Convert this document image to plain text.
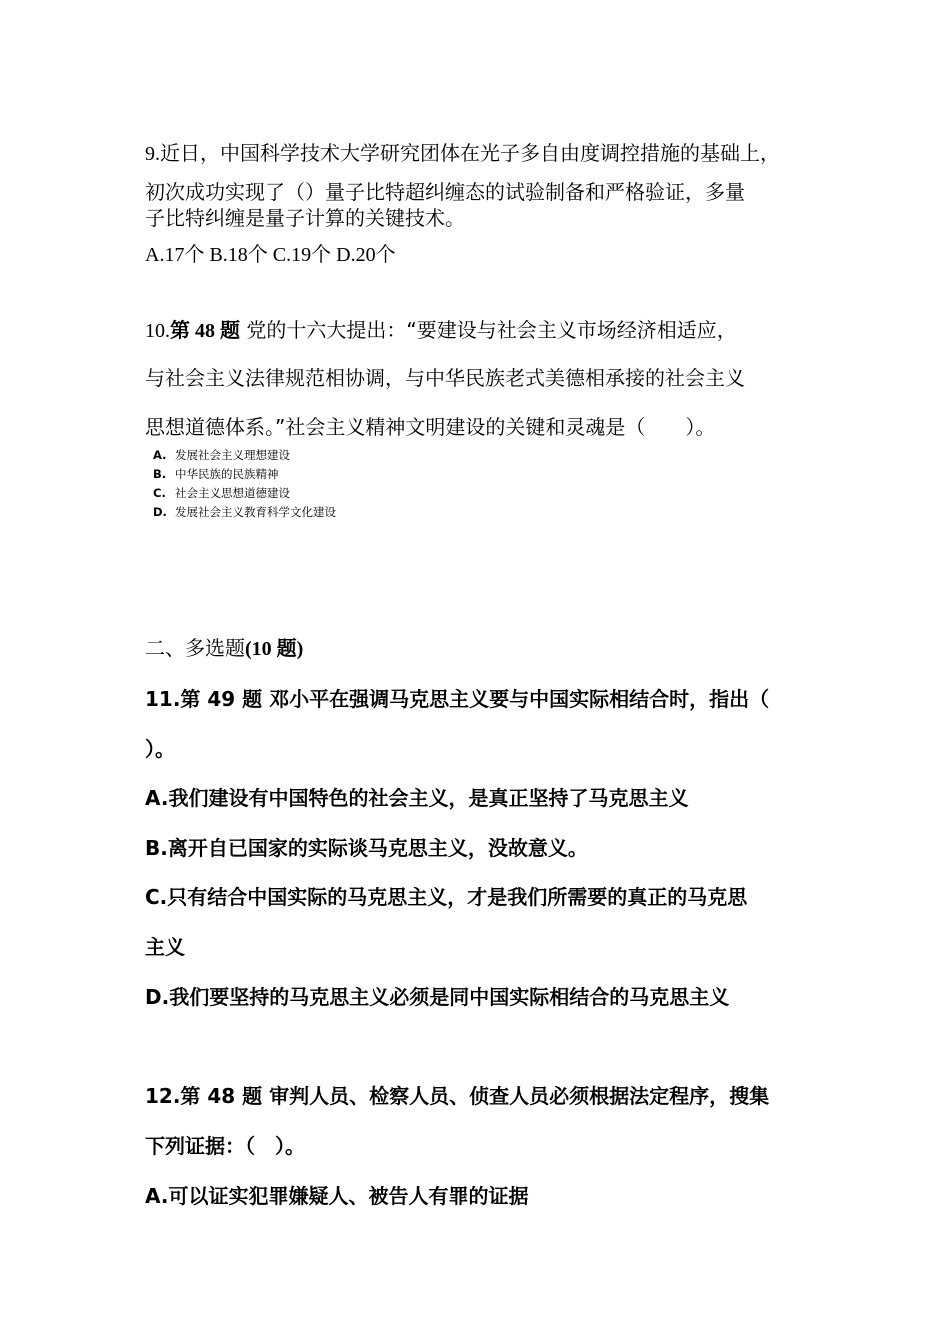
9.近日，中国科学技术大学研究团体在光子多自由度调控措施的基础上，
初次成功实现了（）量子比特超纠缠态的试验制备和严格验证，多量
子比特纠缠是量子计算的关键技术。
A.17个 B.18个 C.19个 D.20个
10.第 48 题 党的十六大提出：“要建设与社会主义市场经济相适应，
与社会主义法律规范相协调，与中华民族老式美德相承接的社会主义
思想道德体系。”社会主义精神文明建设的关键和灵魂是（　　）。
A. 发展社会主义理想建设
B. 中华民族的民族精神
C. 社会主义思想道德建设
D. 发展社会主义教育科学文化建设
二、多选题(10 题)
11.第 49 题 邓小平在强调马克思主义要与中国实际相结合时，指出（
）。
A.我们建设有中国特色的社会主义，是真正坚持了马克思主义
B.离开自已国家的实际谈马克思主义，没故意义。
C.只有结合中国实际的马克思主义，才是我们所需要的真正的马克思
主义
D.我们要坚持的马克思主义必须是同中国实际相结合的马克思主义
12.第 48 题 审判人员、检察人员、侦查人员必须根据法定程序，搜集
下列证据：（　）。
A.可以证实犯罪嫌疑人、被告人有罪的证据
